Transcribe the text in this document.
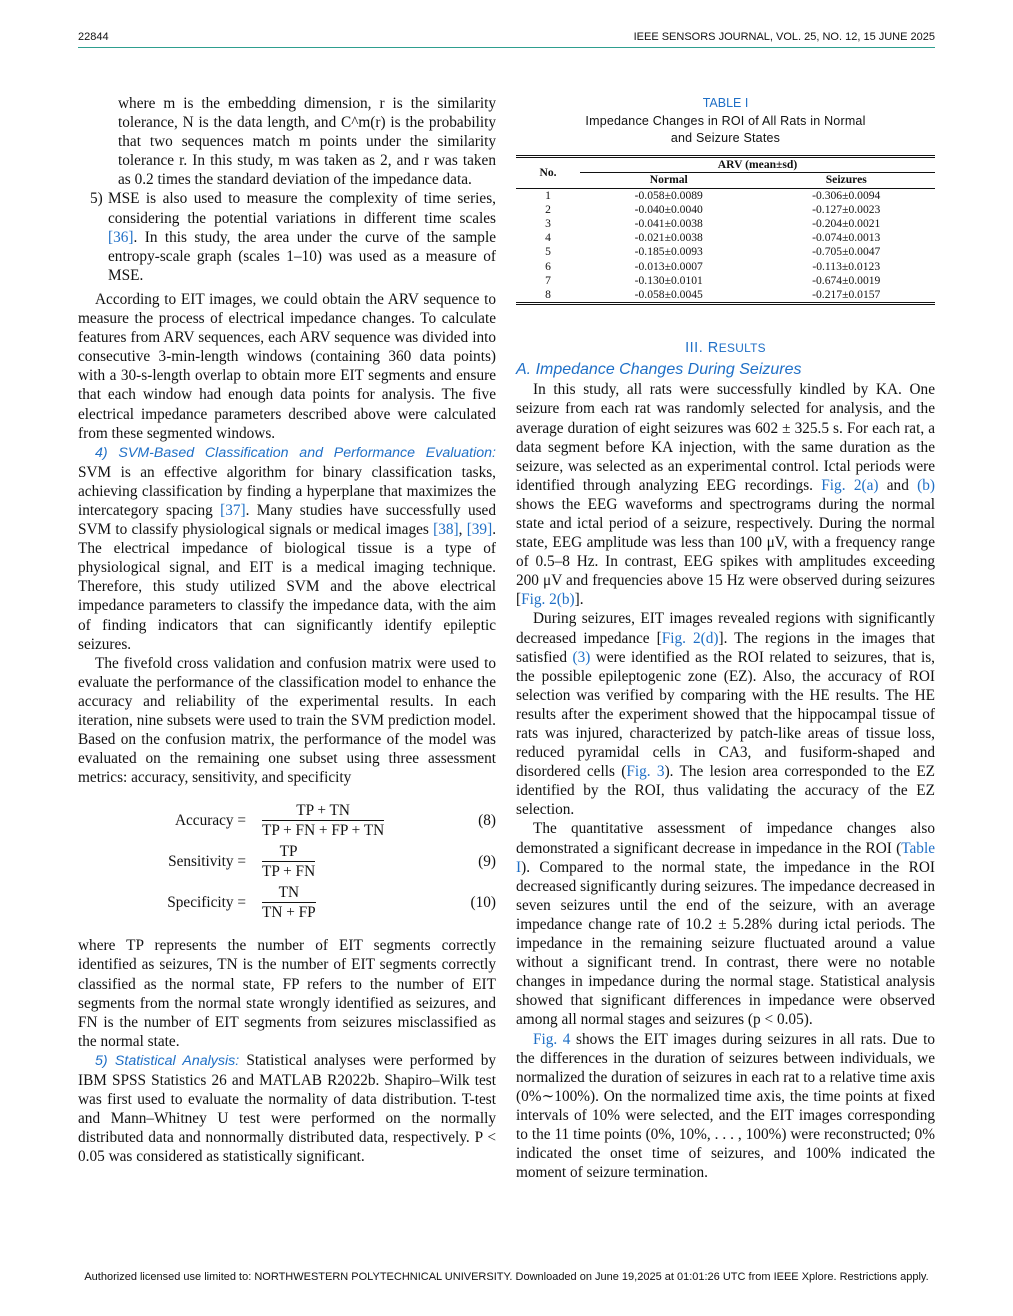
22844	IEEE SENSORS JOURNAL, VOL. 25, NO. 12, 15 JUNE 2025

where m is the embedding dimension, r is the similarity tolerance, N is the data length, and C^m(r) is the probability that two sequences match m points under the similarity tolerance r. In this study, m was taken as 2, and r was taken as 0.2 times the standard deviation of the impedance data.

5) MSE is also used to measure the complexity of time series, considering the potential variations in different time scales [36]. In this study, the area under the curve of the sample entropy-scale graph (scales 1–10) was used as a measure of MSE.

According to EIT images, we could obtain the ARV sequence to measure the process of electrical impedance changes. To calculate features from ARV sequences, each ARV sequence was divided into consecutive 3-min-length windows (containing 360 data points) with a 30-s-length overlap to obtain more EIT segments and ensure that each window had enough data points for analysis. The five electrical impedance parameters described above were calculated from these segmented windows.

4) SVM-Based Classification and Performance Evaluation: SVM is an effective algorithm for binary classification tasks, achieving classification by finding a hyperplane that maximizes the intercategory spacing [37]. Many studies have successfully used SVM to classify physiological signals or medical images [38], [39]. The electrical impedance of biological tissue is a type of physiological signal, and EIT is a medical imaging technique. Therefore, this study utilized SVM and the above electrical impedance parameters to classify the impedance data, with the aim of finding indicators that can significantly identify epileptic seizures.

The fivefold cross validation and confusion matrix were used to evaluate the performance of the classification model to enhance the accuracy and reliability of the experimental results. In each iteration, nine subsets were used to train the SVM prediction model. Based on the confusion matrix, the performance of the model was evaluated on the remaining one subset using three assessment metrics: accuracy, sensitivity, and specificity

Accuracy = $\frac{TP + TN}{TP + FN + FP + TN}$	(8)
Sensitivity = $\frac{TP}{TP + FN}$	(9)
Specificity = $\frac{TN}{TN + FP}$	(10)

where TP represents the number of EIT segments correctly identified as seizures, TN is the number of EIT segments correctly classified as the normal state, FP refers to the number of EIT segments from the normal state wrongly identified as seizures, and FN is the number of EIT segments from seizures misclassified as the normal state.

5) Statistical Analysis: Statistical analyses were performed by IBM SPSS Statistics 26 and MATLAB R2022b. Shapiro–Wilk test was first used to evaluate the normality of data distribution. T-test and Mann–Whitney U test were performed on the normally distributed data and nonnormally distributed data, respectively. P < 0.05 was considered as statistically significant.

TABLE I
Impedance Changes in ROI of All Rats in Normal
and Seizure States
No.	ARV (mean±sd)	
	Normal	Seizures
1	-0.058±0.0089	-0.306±0.0094
2	-0.040±0.0040	-0.127±0.0023
3	-0.041±0.0038	-0.204±0.0021
4	-0.021±0.0038	-0.074±0.0013
5	-0.185±0.0093	-0.705±0.0047
6	-0.013±0.0007	-0.113±0.0123
7	-0.130±0.0101	-0.674±0.0019
8	-0.058±0.0045	-0.217±0.0157
III. RESULTS
A. Impedance Changes During Seizures

In this study, all rats were successfully kindled by KA. One seizure from each rat was randomly selected for analysis, and the average duration of eight seizures was 602 ± 325.5 s. For each rat, a data segment before KA injection, with the same duration as the seizure, was selected as an experimental control. Ictal periods were identified through analyzing EEG recordings. Fig. 2(a) and (b) shows the EEG waveforms and spectrograms during the normal state and ictal period of a seizure, respectively. During the normal state, EEG amplitude was less than 100 μV, with a frequency range of 0.5–8 Hz. In contrast, EEG spikes with amplitudes exceeding 200 μV and frequencies above 15 Hz were observed during seizures [Fig. 2(b)].

During seizures, EIT images revealed regions with significantly decreased impedance [Fig. 2(d)]. The regions in the images that satisfied (3) were identified as the ROI related to seizures, that is, the possible epileptogenic zone (EZ). Also, the accuracy of ROI selection was verified by comparing with the HE results. The HE results after the experiment showed that the hippocampal tissue of rats was injured, characterized by patch-like areas of tissue loss, reduced pyramidal cells in CA3, and fusiform-shaped and disordered cells (Fig. 3). The lesion area corresponded to the EZ identified by the ROI, thus validating the accuracy of the EZ selection.

The quantitative assessment of impedance changes also demonstrated a significant decrease in impedance in the ROI (Table I). Compared to the normal state, the impedance in the ROI decreased significantly during seizures. The impedance decreased in seven seizures until the end of the seizure, with an average impedance change rate of 10.2 ± 5.28% during ictal periods. The impedance in the remaining seizure fluctuated around a value without a significant trend. In contrast, there were no notable changes in impedance during the normal stage. Statistical analysis showed that significant differences in impedance were observed among all normal stages and seizures (p < 0.05).

Fig. 4 shows the EIT images during seizures in all rats. Due to the differences in the duration of seizures between individuals, we normalized the duration of seizures in each rat to a relative time axis (0%∼100%). On the normalized time axis, the time points at fixed intervals of 10% were selected, and the EIT images corresponding to the 11 time points (0%, 10%, . . . , 100%) were reconstructed; 0% indicated the onset time of seizures, and 100% indicated the moment of seizure termination.

Authorized licensed use limited to: NORTHWESTERN POLYTECHNICAL UNIVERSITY. Downloaded on June 19,2025 at 01:01:26 UTC from IEEE Xplore. Restrictions apply.
